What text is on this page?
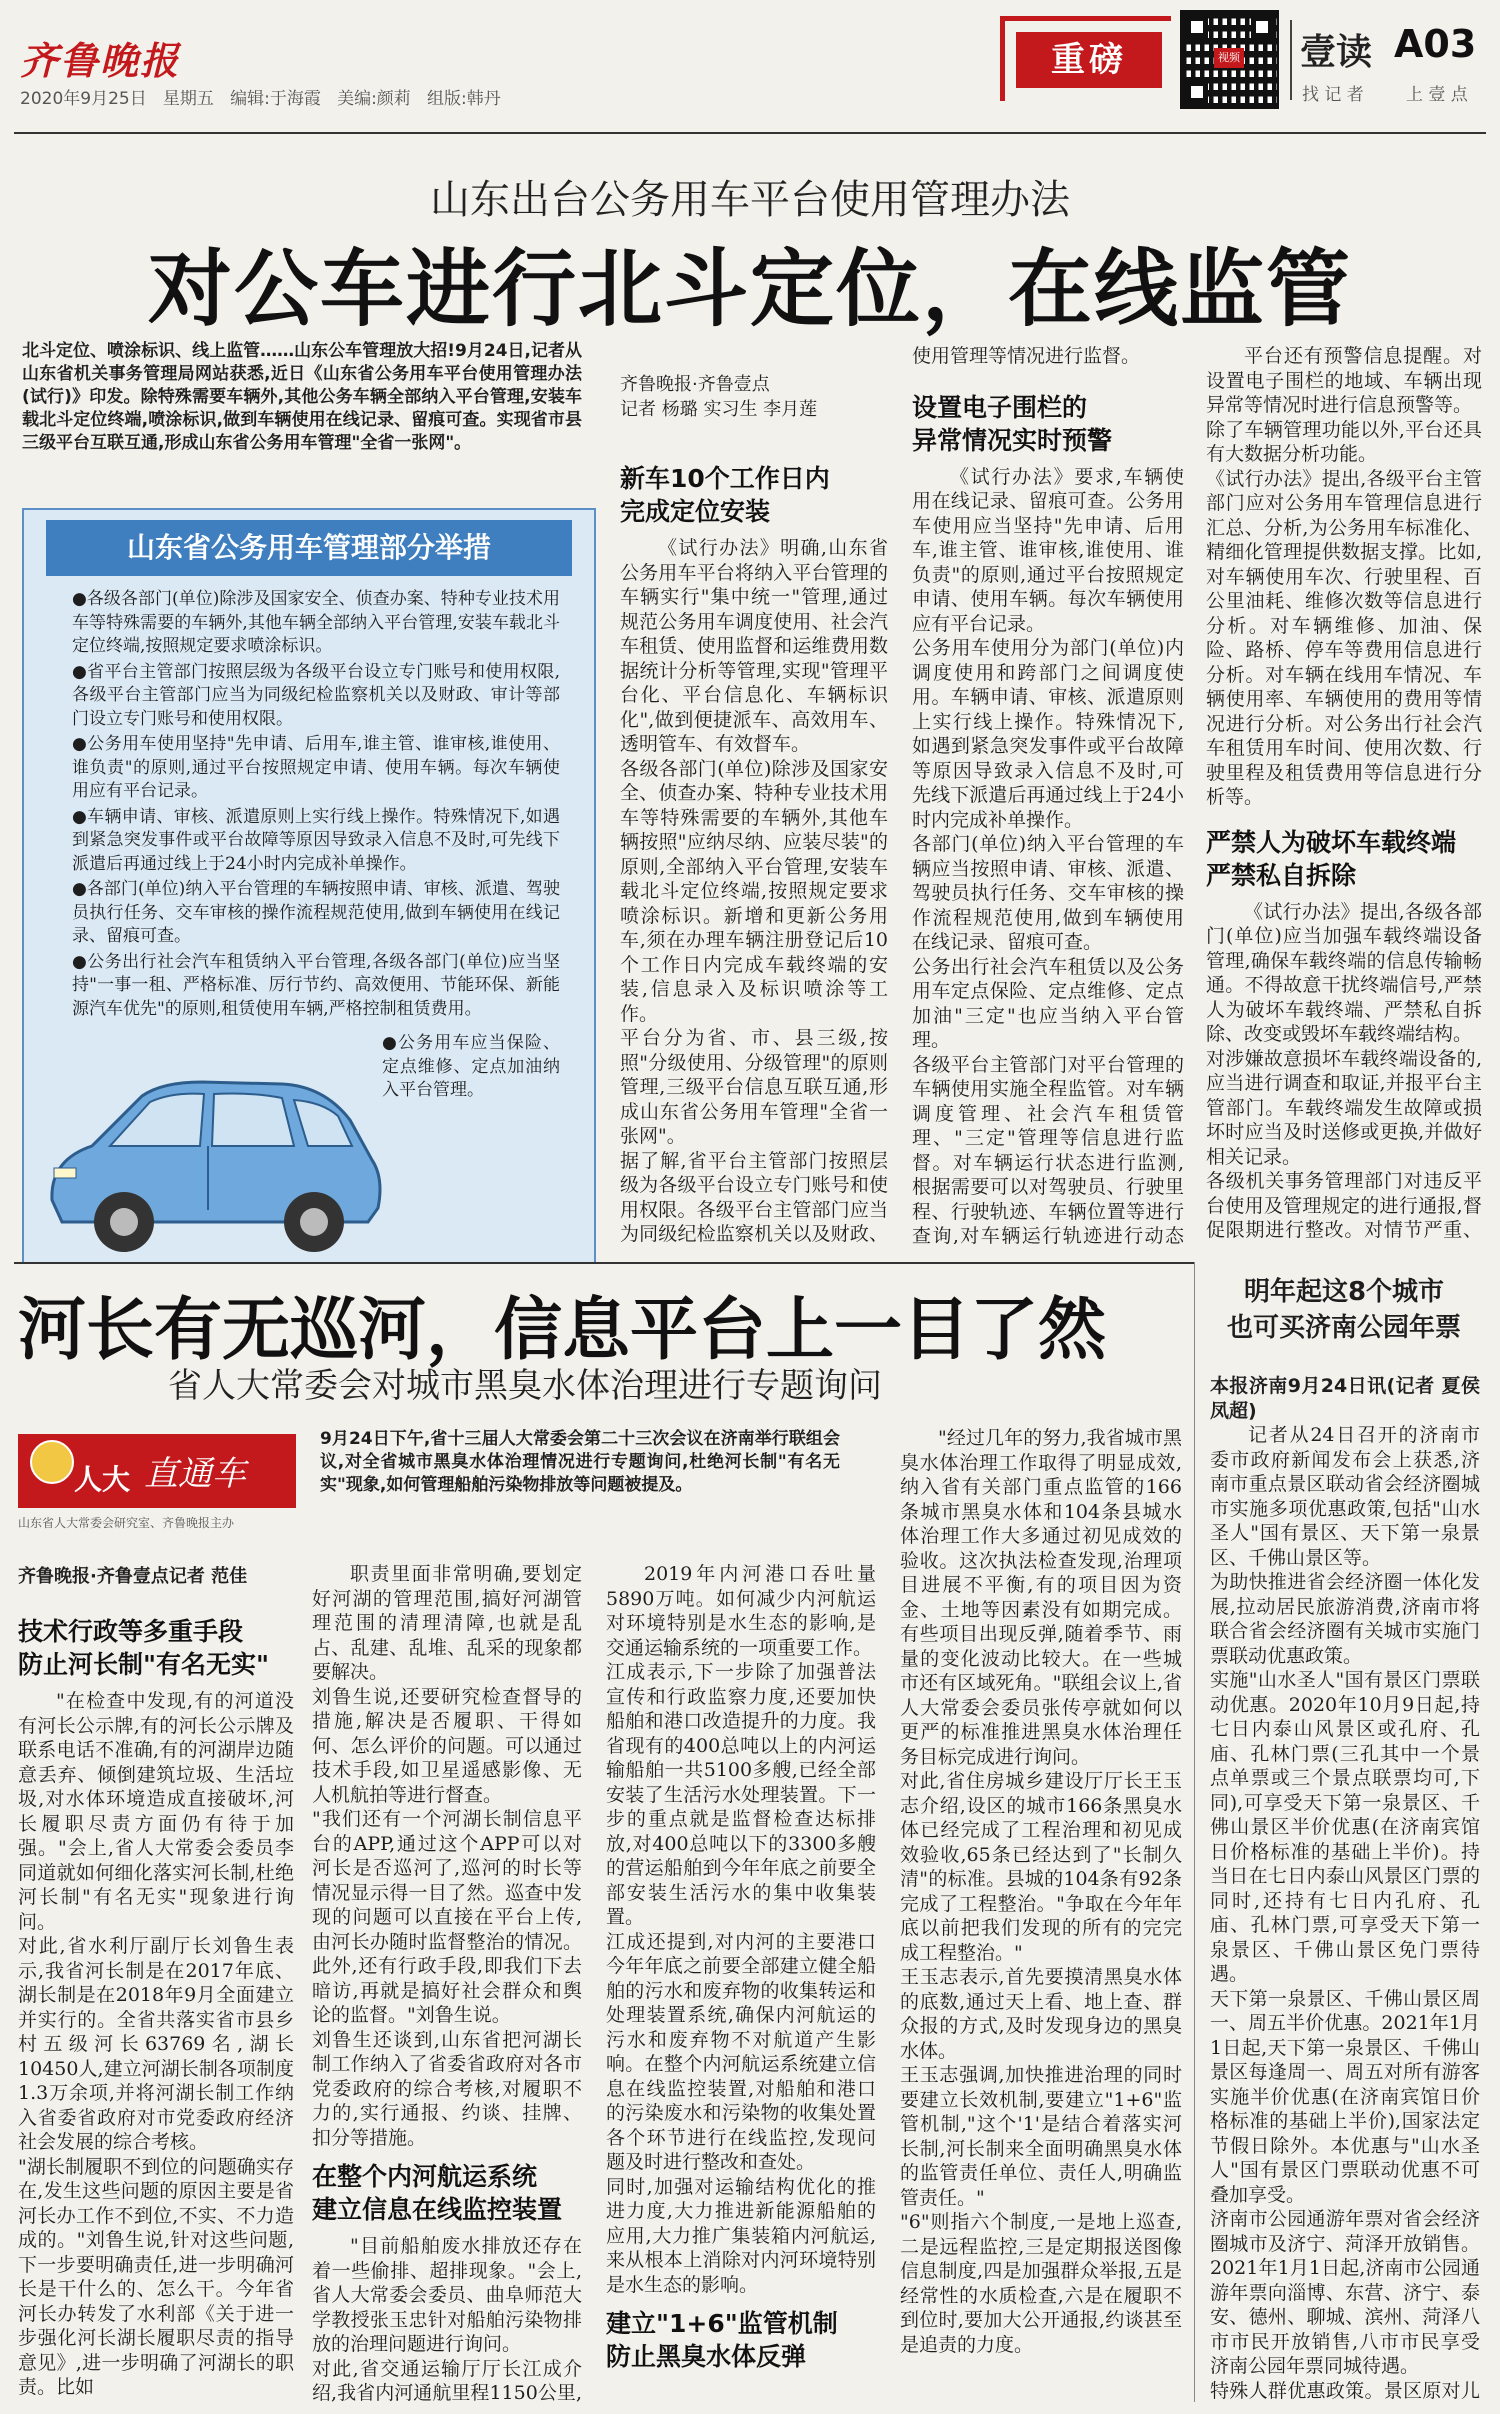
齐鲁晚报
2020年9月25日   星期五   编辑:于海霞   美编:颜莉   组版:韩丹
重磅	视频 壹读 A03
找 记 者 上 壹 点
山东出台公务用车平台使用管理办法
对公车进行北斗定位，在线监管
北斗定位、喷涂标识、线上监管……山东公车管理放大招!9月24日,记者从山东省机关事务管理局网站获悉,近日《山东省公务用车平台使用管理办法(试行)》印发。除特殊需要车辆外,其他公务车辆全部纳入平台管理,安装车载北斗定位终端,喷涂标识,做到车辆使用在线记录、留痕可查。实现省市县三级平台互联互通,形成山东省公务用车管理"全省一张网"。
山东省公务用车管理部分举措
●各级各部门(单位)除涉及国家安全、侦查办案、特种专业技术用车等特殊需要的车辆外,其他车辆全部纳入平台管理,安装车载北斗定位终端,按照规定要求喷涂标识。
●省平台主管部门按照层级为各级平台设立专门账号和使用权限,各级平台主管部门应当为同级纪检监察机关以及财政、审计等部门设立专门账号和使用权限。
●公务用车使用坚持"先申请、后用车,谁主管、谁审核,谁使用、谁负责"的原则,通过平台按照规定申请、使用车辆。每次车辆使用应有平台记录。
●车辆申请、审核、派遣原则上实行线上操作。特殊情况下,如遇到紧急突发事件或平台故障等原因导致录入信息不及时,可先线下派遣后再通过线上于24小时内完成补单操作。
●各部门(单位)纳入平台管理的车辆按照申请、审核、派遣、驾驶员执行任务、交车审核的操作流程规范使用,做到车辆使用在线记录、留痕可查。
●公务出行社会汽车租赁纳入平台管理,各级各部门(单位)应当坚持"一事一租、严格标准、厉行节约、高效便用、节能环保、新能源汽车优先"的原则,租赁使用车辆,严格控制租赁费用。
●公务用车应当保险、定点维修、定点加油纳入平台管理。
齐鲁晚报·齐鲁壹点
记者 杨璐 实习生 李月莲
新车10个工作日内
完成定位安装

《试行办法》明确,山东省公务用车平台将纳入平台管理的车辆实行"集中统一"管理,通过规范公务用车调度使用、社会汽车租赁、使用监督和运维费用数据统计分析等管理,实现"管理平台化、平台信息化、车辆标识化",做到便捷派车、高效用车、透明管车、有效督车。
各级各部门(单位)除涉及国家安全、侦查办案、特种专业技术用车等特殊需要的车辆外,其他车辆按照"应纳尽纳、应装尽装"的原则,全部纳入平台管理,安装车载北斗定位终端,按照规定要求喷涂标识。新增和更新公务用车,须在办理车辆注册登记后10个工作日内完成车载终端的安装,信息录入及标识喷涂等工作。
平台分为省、市、县三级,按照"分级使用、分级管理"的原则管理,三级平台信息互联互通,形成山东省公务用车管理"全省一张网"。
据了解,省平台主管部门按照层级为各级平台设立专门账号和使用权限。各级平台主管部门应当为同级纪检监察机关以及财政、

使用管理等情况进行监督。
设置电子围栏的
异常情况实时预警

《试行办法》要求,车辆使用在线记录、留痕可查。公务用车使用应当坚持"先申请、后用车,谁主管、谁审核,谁使用、谁负责"的原则,通过平台按照规定申请、使用车辆。每次车辆使用应有平台记录。
公务用车使用分为部门(单位)内调度使用和跨部门之间调度使用。车辆申请、审核、派遣原则上实行线上操作。特殊情况下,如遇到紧急突发事件或平台故障等原因导致录入信息不及时,可先线下派遣后再通过线上于24小时内完成补单操作。
各部门(单位)纳入平台管理的车辆应当按照申请、审核、派遣、驾驶员执行任务、交车审核的操作流程规范使用,做到车辆使用在线记录、留痕可查。
公务出行社会汽车租赁以及公务用车定点保险、定点维修、定点加油"三定"也应当纳入平台管理。
各级平台主管部门对平台管理的车辆使用实施全程监管。对车辆调度管理、社会汽车租赁管理、"三定"管理等信息进行监督。对车辆运行状态进行监测,根据需要可以对驾驶员、行驶里程、行驶轨迹、车辆位置等进行查询,对车辆运行轨迹进行动态

平台还有预警信息提醒。对设置电子围栏的地域、车辆出现异常等情况时进行信息预警等。
除了车辆管理功能以外,平台还具有大数据分析功能。
《试行办法》提出,各级平台主管部门应对公务用车管理信息进行汇总、分析,为公务用车标准化、精细化管理提供数据支撑。比如,对车辆使用车次、行驶里程、百公里油耗、维修次数等信息进行分析。对车辆维修、加油、保险、路桥、停车等费用信息进行分析。对车辆在线用车情况、车辆使用率、车辆使用的费用等情况进行分析。对公务出行社会汽车租赁用车时间、使用次数、行驶里程及租赁费用等信息进行分析等。

严禁人为破坏车载终端
严禁私自拆除

《试行办法》提出,各级各部门(单位)应当加强车载终端设备管理,确保车载终端的信息传输畅通。不得故意干扰终端信号,严禁人为破坏车载终端、严禁私自拆除、改变或毁坏车载终端结构。
对涉嫌故意损坏车载终端设备的,应当进行调查和取证,并报平台主管部门。车载终端发生故障或损坏时应当及时送修或更换,并做好相关记录。
各级机关事务管理部门对违反平台使用及管理规定的进行通报,督促限期进行整改。对情节严重、

河长有无巡河，信息平台上一目了然
省人大常委会对城市黑臭水体治理进行专题询问
人大 直通车
山东省人大常委会研究室、齐鲁晚报主办
9月24日下午,省十三届人大常委会第二十三次会议在济南举行联组会议,对全省城市黑臭水体治理情况进行专题询问,杜绝河长制"有名无实"现象,如何管理船舶污染物排放等问题被提及。
齐鲁晚报·齐鲁壹点记者 范佳
技术行政等多重手段
防止河长制"有名无实"

"在检查中发现,有的河道没有河长公示牌,有的河长公示牌及联系电话不准确,有的河湖岸边随意丢弃、倾倒建筑垃圾、生活垃圾,对水体环境造成直接破坏,河长履职尽责方面仍有待于加强。"会上,省人大常委会委员李同道就如何细化落实河长制,杜绝河长制"有名无实"现象进行询问。
对此,省水利厅副厅长刘鲁生表示,我省河长制是在2017年底、湖长制是在2018年9月全面建立并实行的。全省共落实省市县乡村五级河长63769名,湖长10450人,建立河湖长制各项制度1.3万余项,并将河湖长制工作纳入省委省政府对市党委政府经济社会发展的综合考核。
"湖长制履职不到位的问题确实存在,发生这些问题的原因主要是省河长办工作不到位,不实、不力造成的。"刘鲁生说,针对这些问题,下一步要明确责任,进一步明确河长是干什么的、怎么干。今年省河长办转发了水利部《关于进一步强化河长湖长履职尽责的指导意见》,进一步明确了河湖长的职责。比如

职责里面非常明确,要划定好河湖的管理范围,搞好河湖管理范围的清理清障,也就是乱占、乱建、乱堆、乱采的现象都要解决。
刘鲁生说,还要研究检查督导的措施,解决是否履职、干得如何、怎么评价的问题。可以通过技术手段,如卫星遥感影像、无人机航拍等进行督查。
"我们还有一个河湖长制信息平台的APP,通过这个APP可以对河长是否巡河了,巡河的时长等情况显示得一目了然。巡查中发现的问题可以直接在平台上传,由河长办随时监督整治的情况。此外,还有行政手段,即我们下去暗访,再就是搞好社会群众和舆论的监督。"刘鲁生说。
刘鲁生还谈到,山东省把河湖长制工作纳入了省委省政府对各市党委政府的综合考核,对履职不力的,实行通报、约谈、挂牌、扣分等措施。

在整个内河航运系统
建立信息在线监控装置

"目前船舶废水排放还存在着一些偷排、超排现象。"会上,省人大常委会委员、曲阜师范大学教授张玉忠针对船舶污染物排放的治理问题进行询问。
对此,省交通运输厅厅长江成介绍,我省内河通航里程1150公里,

2019年内河港口吞吐量5890万吨。如何减少内河航运对环境特别是水生态的影响,是交通运输系统的一项重要工作。
江成表示,下一步除了加强普法宣传和行政监察力度,还要加快船舶和港口改造提升的力度。我省现有的400总吨以上的内河运输船舶一共5100多艘,已经全部安装了生活污水处理装置。下一步的重点就是监督检查达标排放,对400总吨以下的3300多艘的营运船舶到今年年底之前要全部安装生活污水的集中收集装置。
江成还提到,对内河的主要港口今年年底之前要全部建立健全船舶的污水和废弃物的收集转运和处理装置系统,确保内河航运的污水和废弃物不对航道产生影响。在整个内河航运系统建立信息在线监控装置,对船舶和港口的污染废水和污染物的收集处置各个环节进行在线监控,发现问题及时进行整改和查处。
同时,加强对运输结构优化的推进力度,大力推进新能源船舶的应用,大力推广集装箱内河航运,来从根本上消除对内河环境特别是水生态的影响。

建立"1+6"监管机制
防止黑臭水体反弹

"经过几年的努力,我省城市黑臭水体治理工作取得了明显成效,纳入省有关部门重点监管的166条城市黑臭水体和104条县城水体治理工作大多通过初见成效的验收。这次执法检查发现,治理项目进展不平衡,有的项目因为资金、土地等因素没有如期完成。有些项目出现反弹,随着季节、雨量的变化波动比较大。在一些城市还有区域死角。"联组会议上,省人大常委会委员张传亭就如何以更严的标准推进黑臭水体治理任务目标完成进行询问。
对此,省住房城乡建设厅厅长王玉志介绍,设区的城市166条黑臭水体已经完成了工程治理和初见成效验收,65条已经达到了"长制久清"的标准。县城的104条有92条完成了工程整治。"争取在今年年底以前把我们发现的所有的完完成工程整治。"
王玉志表示,首先要摸清黑臭水体的底数,通过天上看、地上查、群众报的方式,及时发现身边的黑臭水体。
王玉志强调,加快推进治理的同时要建立长效机制,要建立"1+6"监管机制,"这个'1'是结合着落实河长制,河长制来全面明确黑臭水体的监管责任单位、责任人,明确监管责任。"
"6"则指六个制度,一是地上巡查,二是远程监控,三是定期报送图像信息制度,四是加强群众举报,五是经常性的水质检查,六是在履职不到位时,要加大公开通报,约谈甚至是追责的力度。

明年起这8个城市
也可买济南公园年票
本报济南9月24日讯(记者 夏侯凤超)

记者从24日召开的济南市委市政府新闻发布会上获悉,济南市重点景区联动省会经济圈城市实施多项优惠政策,包括"山水圣人"国有景区、天下第一泉景区、千佛山景区等。
为助快推进省会经济圈一体化发展,拉动居民旅游消费,济南市将联合省会经济圈有关城市实施门票联动优惠政策。
实施"山水圣人"国有景区门票联动优惠。2020年10月9日起,持七日内泰山风景区或孔府、孔庙、孔林门票(三孔其中一个景点单票或三个景点联票均可,下同),可享受天下第一泉景区、千佛山景区半价优惠(在济南宾馆日价格标准的基础上半价)。持当日在七日内泰山风景区门票的同时,还持有七日内孔府、孔庙、孔林门票,可享受天下第一泉景区、千佛山景区免门票待遇。
天下第一泉景区、千佛山景区周一、周五半价优惠。2021年1月1日起,天下第一泉景区、千佛山景区每逢周一、周五对所有游客实施半价优惠(在济南宾馆日价格标准的基础上半价),国家法定节假日除外。本优惠与"山水圣人"国有景区门票联动优惠不可叠加享受。
济南市公园通游年票对省会经济圈城市及济宁、菏泽开放销售。2021年1月1日起,济南市公园通游年票向淄博、东营、济宁、泰安、德州、聊城、滨州、菏泽八市市民开放销售,八市市民享受济南公园年票同城待遇。
特殊人群优惠政策。景区原对儿
